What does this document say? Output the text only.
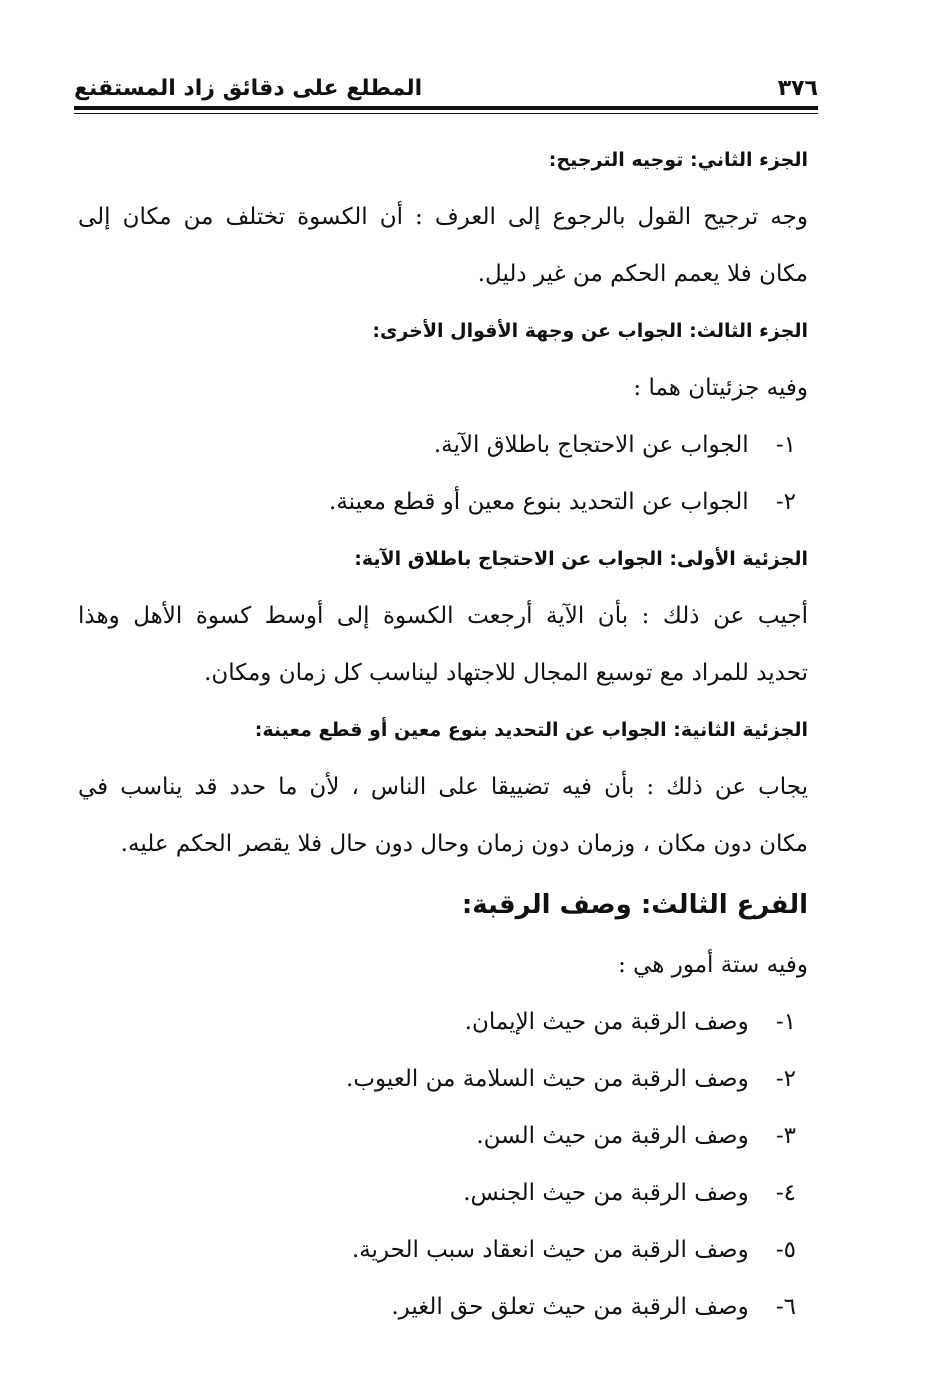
٣٧٦
المطلع على دقائق زاد المستقنع

الجزء الثاني: توجيه الترجيح:

وجه ترجيح القول بالرجوع إلى العرف : أن الكسوة تختلف من مكان إلى

مكان فلا يعمم الحكم من غير دليل.

الجزء الثالث: الجواب عن وجهة الأقوال الأخرى:

وفيه جزئيتان هما :

١- الجواب عن الاحتجاج باطلاق الآية.

٢- الجواب عن التحديد بنوع معين أو قطع معينة.

الجزئية الأولى: الجواب عن الاحتجاج باطلاق الآية:

أجيب عن ذلك : بأن الآية أرجعت الكسوة إلى أوسط كسوة الأهل وهذا

تحديد للمراد مع توسيع المجال للاجتهاد ليناسب كل زمان ومكان.

الجزئية الثانية: الجواب عن التحديد بنوع معين أو قطع معينة:

يجاب عن ذلك : بأن فيه تضييقا على الناس ، لأن ما حدد قد يناسب في

مكان دون مكان ، وزمان دون زمان وحال دون حال فلا يقصر الحكم عليه.

الفرع الثالث: وصف الرقبة:

وفيه ستة أمور هي :

١- وصف الرقبة من حيث الإيمان.

٢- وصف الرقبة من حيث السلامة من العيوب.

٣- وصف الرقبة من حيث السن.

٤- وصف الرقبة من حيث الجنس.

٥- وصف الرقبة من حيث انعقاد سبب الحرية.

٦- وصف الرقبة من حيث تعلق حق الغير.
